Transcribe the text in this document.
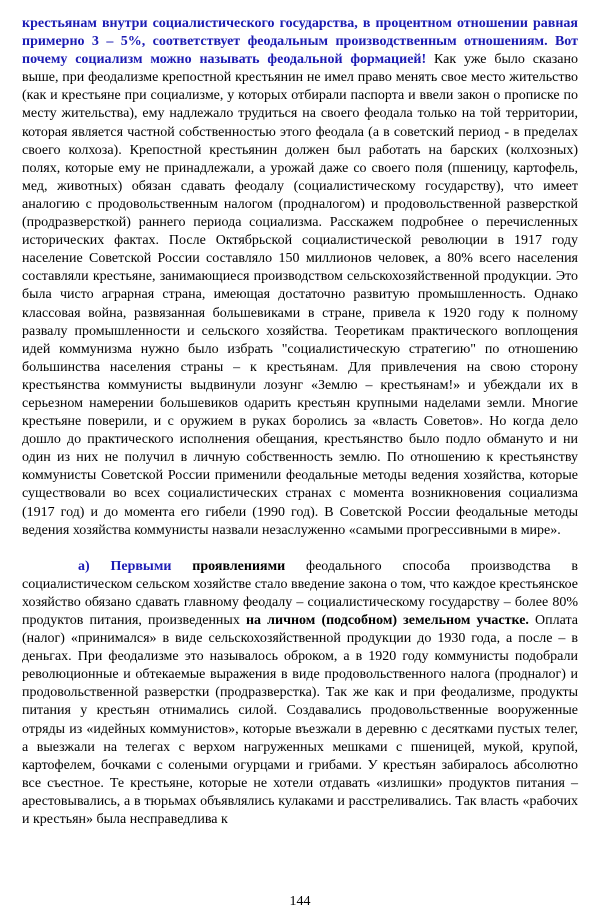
крестьянам внутри социалистического государства, в процентном отношении равная примерно 3 – 5%, соответствует феодальным производственным отношениям. Вот почему социализм можно называть феодальной формацией! Как уже было сказано выше, при феодализме крепостной крестьянин не имел право менять свое место жительство (как и крестьяне при социализме, у которых отбирали паспорта и ввели закон о прописке по месту жительства), ему надлежало трудиться на своего феодала только на той территории, которая является частной собственностью этого феодала (а в советский период - в пределах своего колхоза). Крепостной крестьянин должен был работать на барских (колхозных) полях, которые ему не принадлежали, а урожай даже со своего поля (пшеницу, картофель, мед, животных) обязан сдавать феодалу (социалистическому государству), что имеет аналогию с продовольственным налогом (продналогом) и продовольственной разверсткой (продразверсткой) раннего периода социализма. Расскажем подробнее о перечисленных исторических фактах. После Октябрьской социалистической революции в 1917 году население Советской России составляло 150 миллионов человек, а 80% всего населения составляли крестьяне, занимающиеся производством сельскохозяйственной продукции. Это была чисто аграрная страна, имеющая достаточно развитую промышленность. Однако классовая война, развязанная большевиками в стране, привела к 1920 году к полному развалу промышленности и сельского хозяйства. Теоретикам практического воплощения идей коммунизма нужно было избрать "социалистическую стратегию" по отношению большинства населения страны – к крестьянам. Для привлечения на свою сторону крестьянства коммунисты выдвинули лозунг «Землю – крестьянам!» и убеждали их в серьезном намерении большевиков одарить крестьян крупными наделами земли. Многие крестьяне поверили, и с оружием в руках боролись за «власть Советов». Но когда дело дошло до практического исполнения обещания, крестьянство было подло обмануто и ни один из них не получил в личную собственность землю. По отношению к крестьянству коммунисты Советской России применили феодальные методы ведения хозяйства, которые существовали во всех социалистических странах с момента возникновения социализма (1917 год) и до момента его гибели (1990 год). В Советской России феодальные методы ведения хозяйства коммунисты назвали незаслуженно «самыми прогрессивными в мире».

а) Первыми проявлениями феодального способа производства в социалистическом сельском хозяйстве стало введение закона о том, что каждое крестьянское хозяйство обязано сдавать главному феодалу – социалистическому государству – более 80% продуктов питания, произведенных на личном (подсобном) земельном участке. Оплата (налог) «принимался» в виде сельскохозяйственной продукции до 1930 года, а после – в деньгах. При феодализме это называлось оброком, а в 1920 году коммунисты подобрали революционные и обтекаемые выражения в виде продовольственного налога (продналог) и продовольственной разверстки (продразверстка). Так же как и при феодализме, продукты питания у крестьян отнимались силой. Создавались продовольственные вооруженные отряды из «идейных коммунистов», которые въезжали в деревню с десятками пустых телег, а выезжали на телегах с верхом нагруженных мешками с пшеницей, мукой, крупой, картофелем, бочками с солеными огурцами и грибами. У крестьян забиралось абсолютно все съестное. Те крестьяне, которые не хотели отдавать «излишки» продуктов питания – арестовывались, а в тюрьмах объявлялись кулаками и расстреливались. Так власть «рабочих и крестьян» была несправедлива к

144
